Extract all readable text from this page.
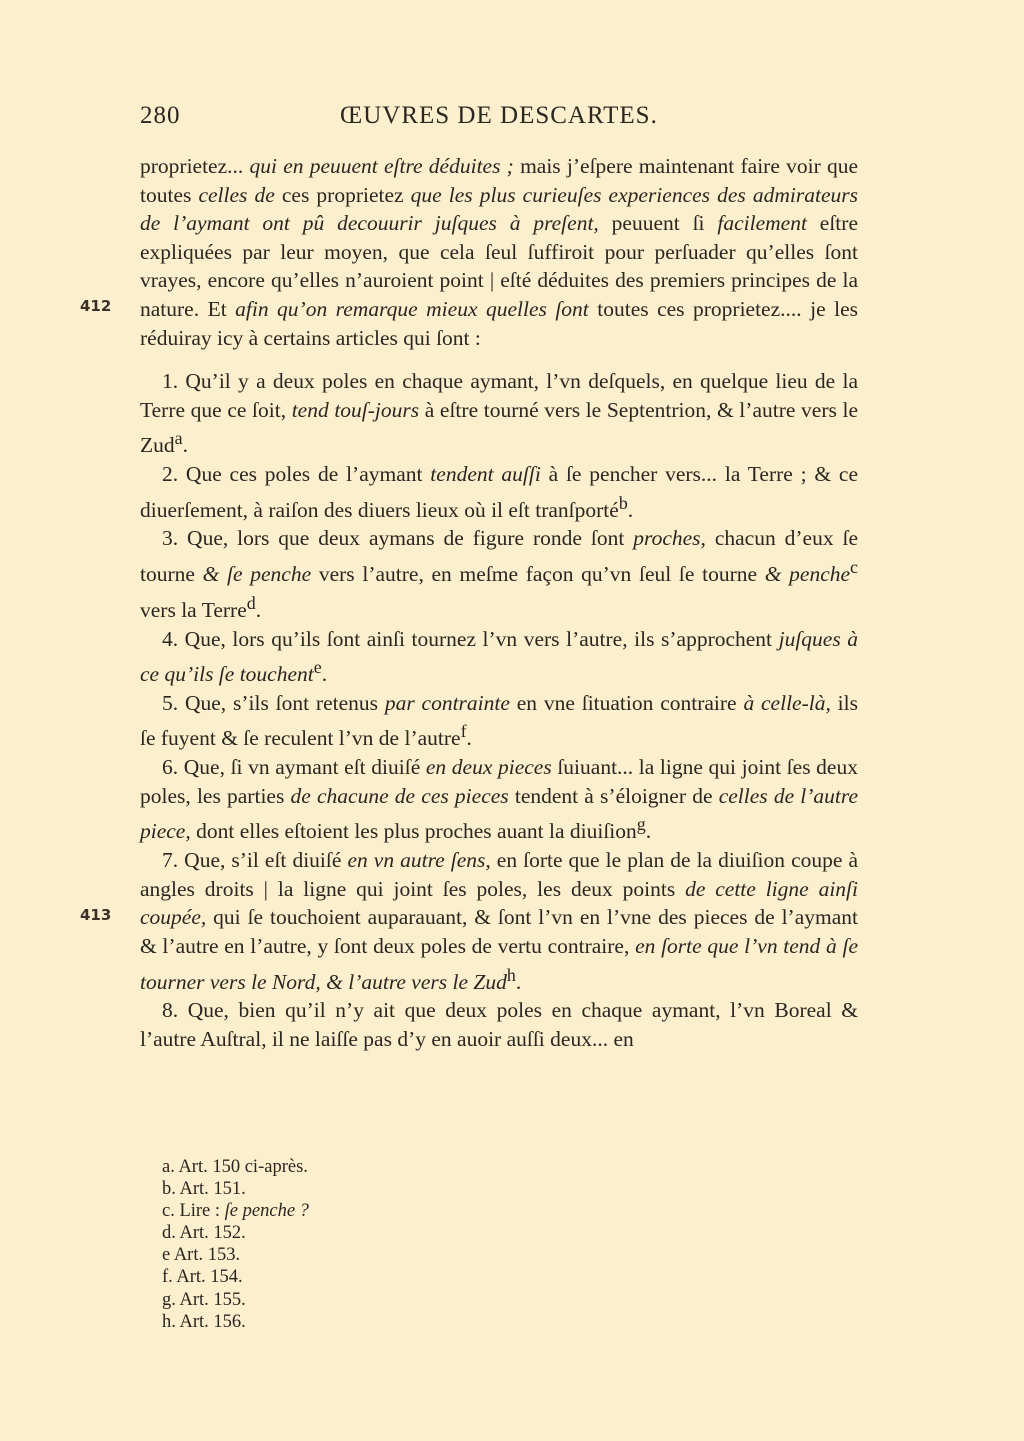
280	ŒUVRES DE DESCARTES.
412
413

proprietez... qui en peuuent eſtre déduites ; mais j’eſpere maintenant faire voir que toutes celles de ces proprietez que les plus curieuſes experiences des admirateurs de l’aymant ont pû decouurir juſques à preſent, peuuent ſi facilement eſtre expliquées par leur moyen, que cela ſeul ſuffiroit pour perſuader qu’elles ſont vrayes, encore qu’elles n’auroient point | eſté déduites des premiers principes de la nature. Et afin qu’on remarque mieux quelles ſont toutes ces proprietez.... je les réduiray icy à certains articles qui ſont :

1. Qu’il y a deux poles en chaque aymant, l’vn deſquels, en quelque lieu de la Terre que ce ſoit, tend touſ-jours à eſtre tourné vers le Septentrion, & l’autre vers le Zud$^a$.

2. Que ces poles de l’aymant tendent auſſi à ſe pencher vers... la Terre ; & ce diuerſement, à raiſon des diuers lieux où il eſt tranſporté$^b$.

3. Que, lors que deux aymans de figure ronde ſont proches, chacun d’eux ſe tourne & ſe penche vers l’autre, en meſme façon qu’vn ſeul ſe tourne & penche$^c$ vers la Terre$^d$.

4. Que, lors qu’ils ſont ainſi tournez l’vn vers l’autre, ils s’approchent juſques à ce qu’ils ſe touchent$^e$.

5. Que, s’ils ſont retenus par contrainte en vne ſituation contraire à celle-là, ils ſe fuyent & ſe reculent l’vn de l’autre$^f$.

6. Que, ſi vn aymant eſt diuiſé en deux pieces ſuiuant... la ligne qui joint ſes deux poles, les parties de chacune de ces pieces tendent à s’éloigner de celles de l’autre piece, dont elles eſtoient les plus proches auant la diuiſion$^g$.

7. Que, s’il eſt diuiſé en vn autre ſens, en ſorte que le plan de la diuiſion coupe à angles droits | la ligne qui joint ſes poles, les deux points de cette ligne ainſi coupée, qui ſe touchoient auparauant, & ſont l’vn en l’vne des pieces de l’aymant & l’autre en l’autre, y ſont deux poles de vertu contraire, en ſorte que l’vn tend à ſe tourner vers le Nord, & l’autre vers le Zud$^h$.

8. Que, bien qu’il n’y ait que deux poles en chaque aymant, l’vn Boreal & l’autre Auſtral, il ne laiſſe pas d’y en auoir auſſi deux... en

a. Art. 150 ci-après.

b. Art. 151.

c. Lire : ſe penche ?

d. Art. 152.

e Art. 153.

f. Art. 154.

g. Art. 155.

h. Art. 156.
